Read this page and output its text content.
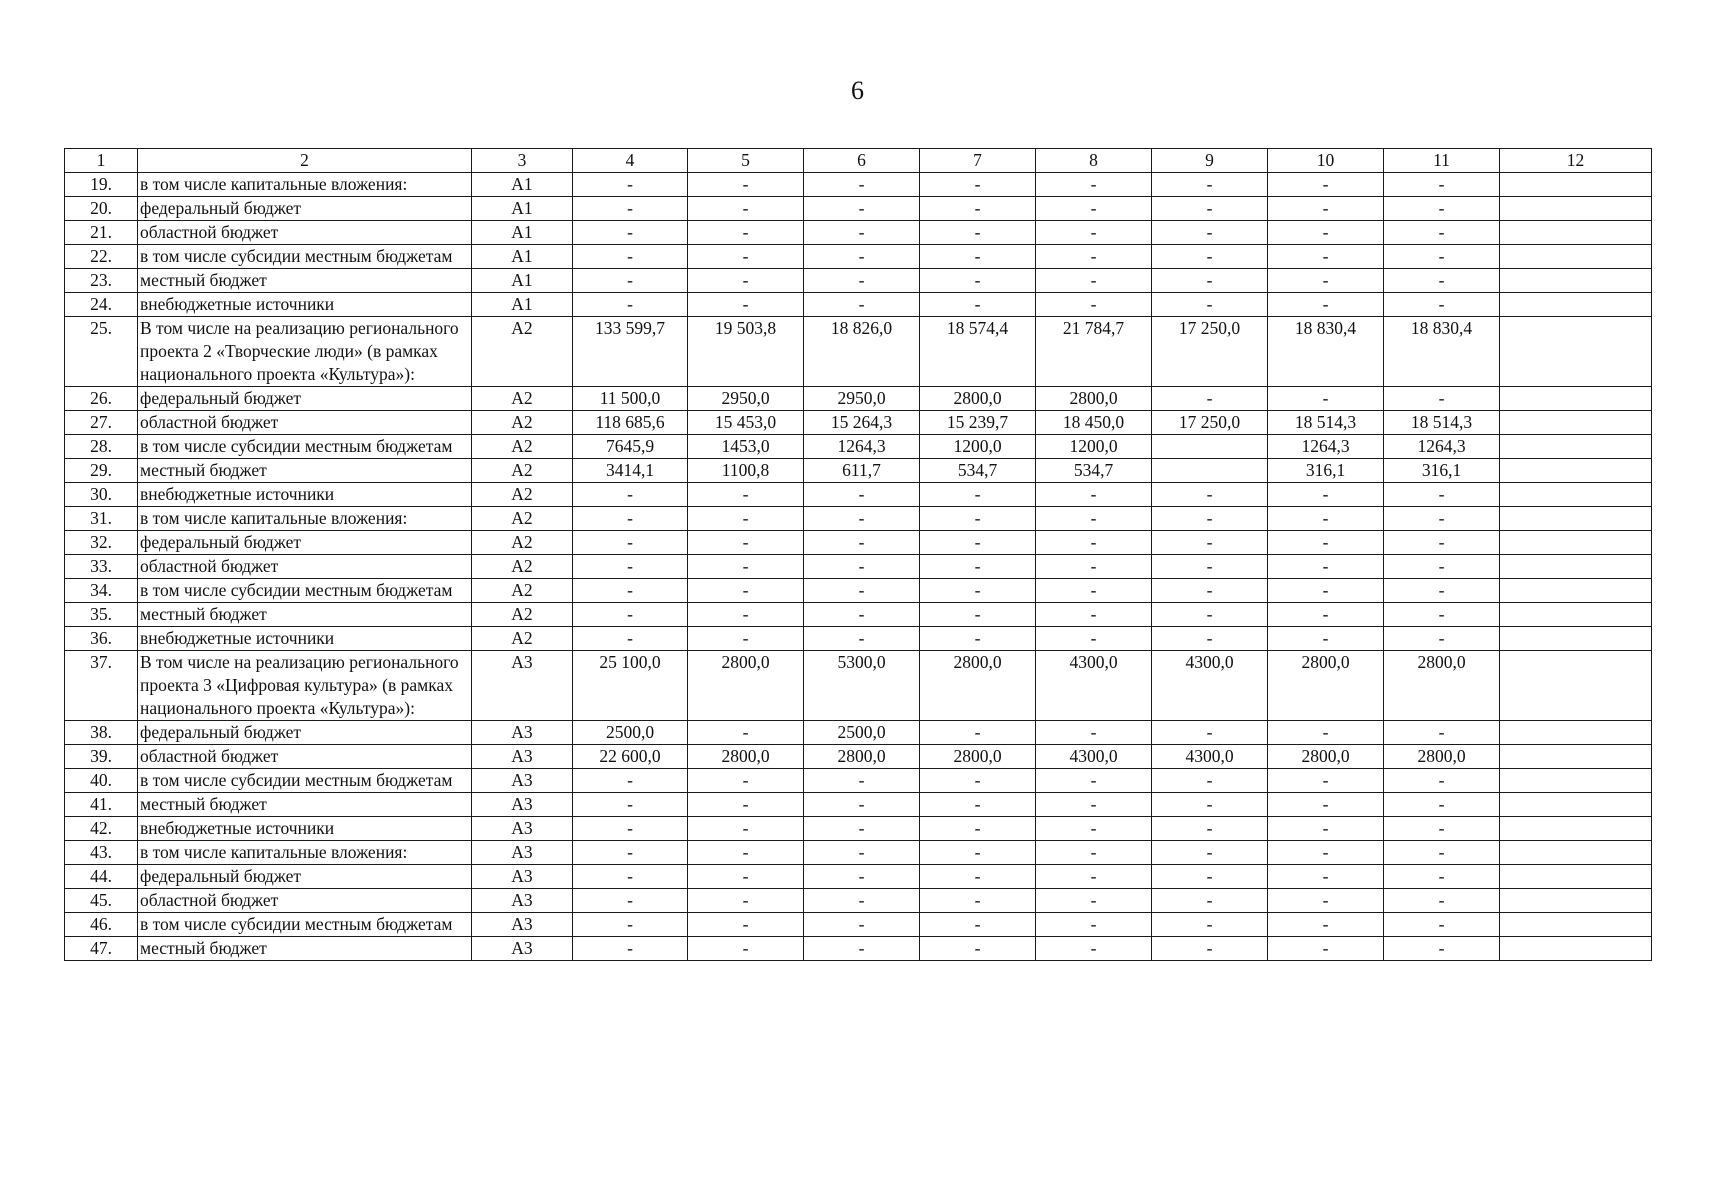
6
1	2	3	4	5	6	7	8	9	10	11	12
19.	в том числе капитальные вложения:	А1	-	-	-	-	-	-	-	-	
20.	федеральный бюджет	А1	-	-	-	-	-	-	-	-	
21.	областной бюджет	А1	-	-	-	-	-	-	-	-	
22.	в том числе субсидии местным бюджетам	А1	-	-	-	-	-	-	-	-	
23.	местный бюджет	А1	-	-	-	-	-	-	-	-	
24.	внебюджетные источники	А1	-	-	-	-	-	-	-	-	
25.	В том числе на реализацию регионального проекта 2 «Творческие люди» (в рамках национального проекта «Культура»):	А2	133 599,7	19 503,8	18 826,0	18 574,4	21 784,7	17 250,0	18 830,4	18 830,4	
26.	федеральный бюджет	А2	11 500,0	2950,0	2950,0	2800,0	2800,0	-	-	-	
27.	областной бюджет	А2	118 685,6	15 453,0	15 264,3	15 239,7	18 450,0	17 250,0	18 514,3	18 514,3	
28.	в том числе субсидии местным бюджетам	А2	7645,9	1453,0	1264,3	1200,0	1200,0		1264,3	1264,3	
29.	местный бюджет	А2	3414,1	1100,8	611,7	534,7	534,7		316,1	316,1	
30.	внебюджетные источники	А2	-	-	-	-	-	-	-	-	
31.	в том числе капитальные вложения:	А2	-	-	-	-	-	-	-	-	
32.	федеральный бюджет	А2	-	-	-	-	-	-	-	-	
33.	областной бюджет	А2	-	-	-	-	-	-	-	-	
34.	в том числе субсидии местным бюджетам	А2	-	-	-	-	-	-	-	-	
35.	местный бюджет	А2	-	-	-	-	-	-	-	-	
36.	внебюджетные источники	А2	-	-	-	-	-	-	-	-	
37.	В том числе на реализацию регионального проекта 3 «Цифровая культура» (в рамках национального проекта «Культура»):	А3	25 100,0	2800,0	5300,0	2800,0	4300,0	4300,0	2800,0	2800,0	
38.	федеральный бюджет	А3	2500,0	-	2500,0	-	-	-	-	-	
39.	областной бюджет	А3	22 600,0	2800,0	2800,0	2800,0	4300,0	4300,0	2800,0	2800,0	
40.	в том числе субсидии местным бюджетам	А3	-	-	-	-	-	-	-	-	
41.	местный бюджет	А3	-	-	-	-	-	-	-	-	
42.	внебюджетные источники	А3	-	-	-	-	-	-	-	-	
43.	в том числе капитальные вложения:	А3	-	-	-	-	-	-	-	-	
44.	федеральный бюджет	А3	-	-	-	-	-	-	-	-	
45.	областной бюджет	А3	-	-	-	-	-	-	-	-	
46.	в том числе субсидии местным бюджетам	А3	-	-	-	-	-	-	-	-	
47.	местный бюджет	А3	-	-	-	-	-	-	-	-	
